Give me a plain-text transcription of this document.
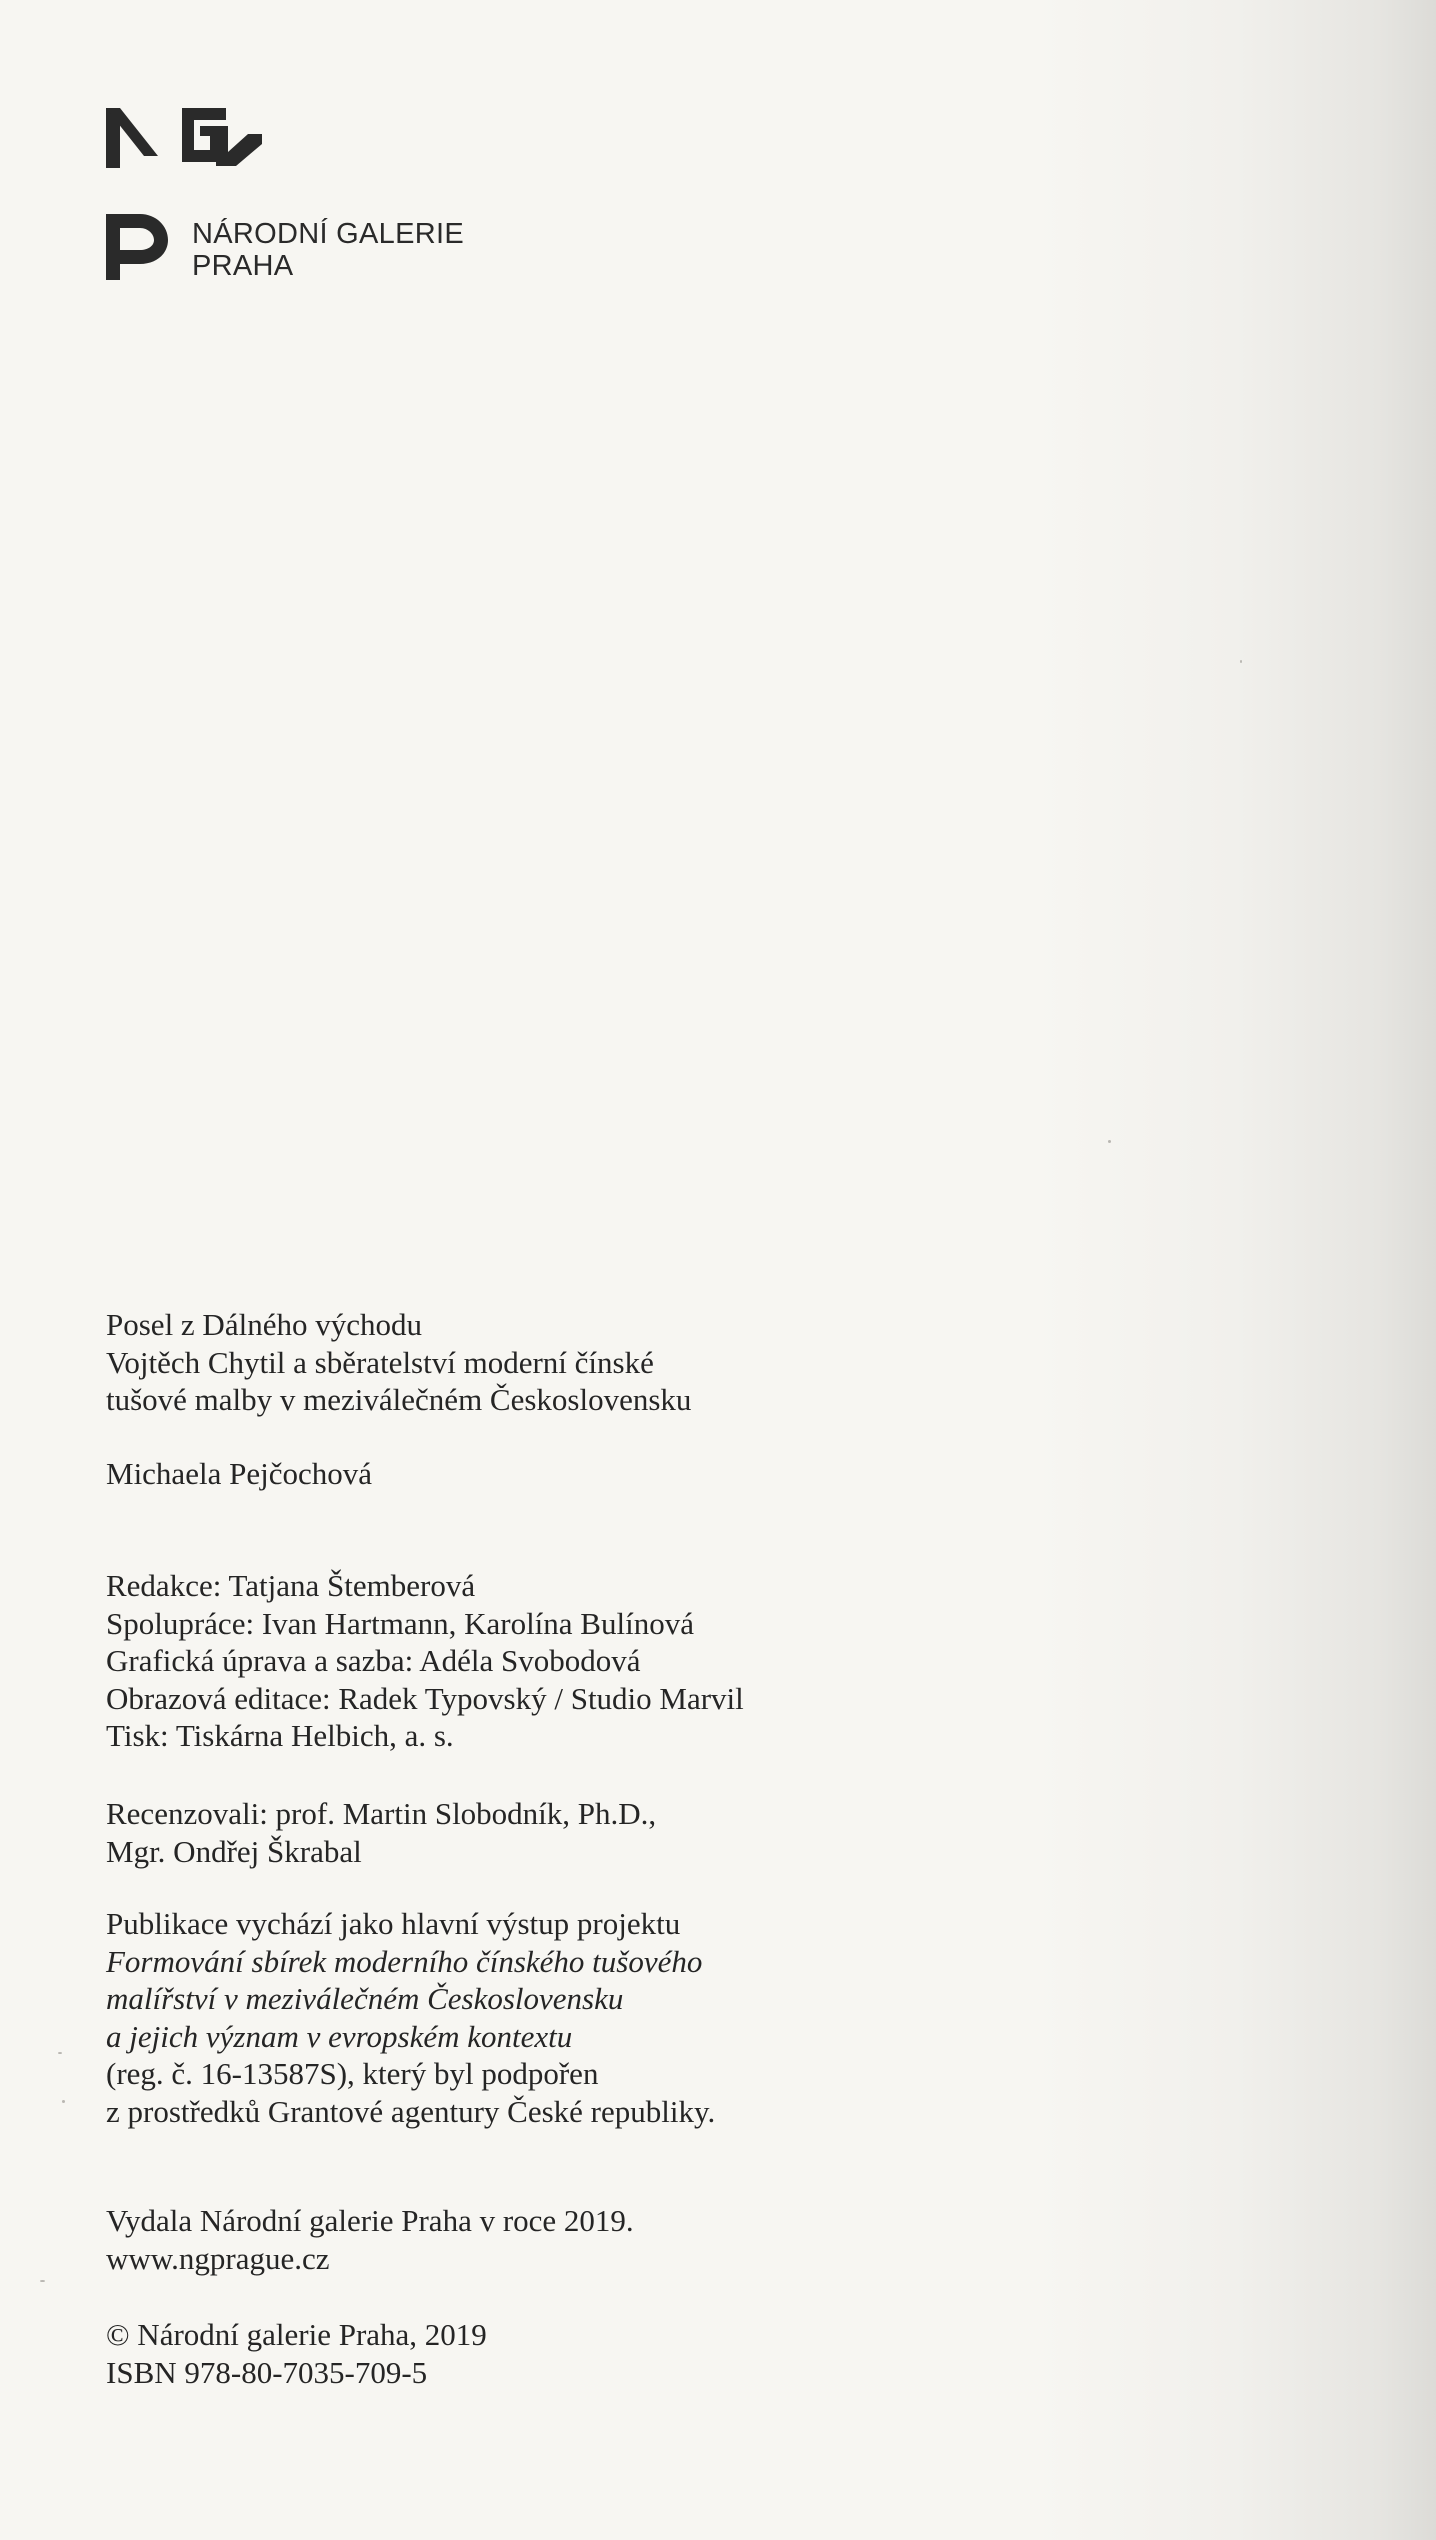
NÁRODNÍ GALERIE
PRAHA
Posel z Dálného východu
Vojtěch Chytil a sběratelství moderní čínské
tušové malby v meziválečném Československu
Michaela Pejčochová
Redakce: Tatjana Štemberová
Spolupráce: Ivan Hartmann, Karolína Bulínová
Grafická úprava a sazba: Adéla Svobodová
Obrazová editace: Radek Typovský / Studio Marvil
Tisk: Tiskárna Helbich, a. s.
Recenzovali: prof. Martin Slobodník, Ph.D.,
Mgr. Ondřej Škrabal
Publikace vychází jako hlavní výstup projektu
Formování sbírek moderního čínského tušového
malířství v meziválečném Československu
a jejich význam v evropském kontextu
(reg. č. 16-13587S), který byl podpořen
z prostředků Grantové agentury České republiky.
Vydala Národní galerie Praha v roce 2019.
www.ngprague.cz
© Národní galerie Praha, 2019
ISBN 978-80-7035-709-5
